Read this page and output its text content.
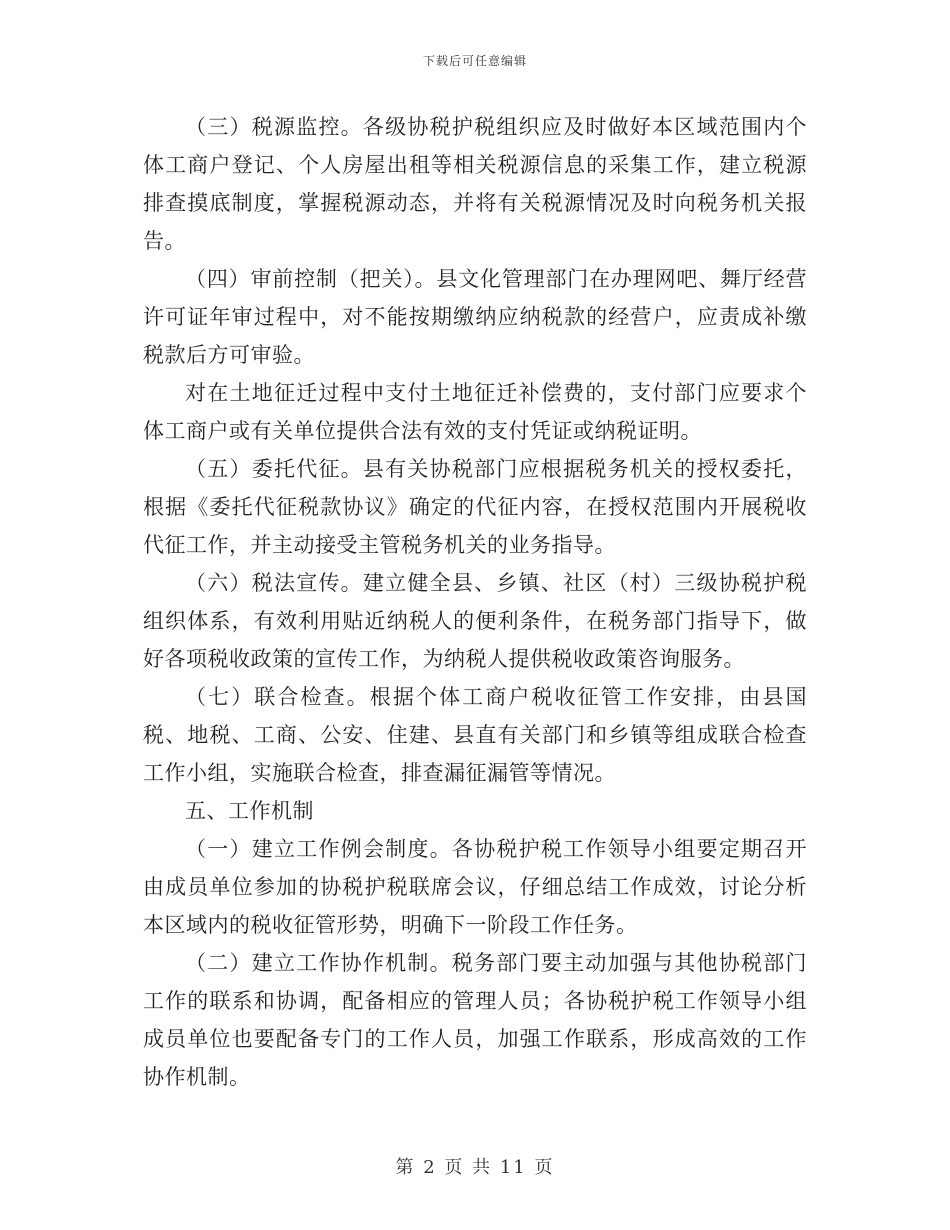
下载后可任意编辑

（三）税源监控。各级协税护税组织应及时做好本区域范围内个体工商户登记、个人房屋出租等相关税源信息的采集工作，建立税源排查摸底制度，掌握税源动态，并将有关税源情况及时向税务机关报告。

（四）审前控制（把关）。县文化管理部门在办理网吧、舞厅经营许可证年审过程中，对不能按期缴纳应纳税款的经营户，应责成补缴税款后方可审验。

对在土地征迁过程中支付土地征迁补偿费的，支付部门应要求个体工商户或有关单位提供合法有效的支付凭证或纳税证明。

（五）委托代征。县有关协税部门应根据税务机关的授权委托，根据《委托代征税款协议》确定的代征内容，在授权范围内开展税收代征工作，并主动接受主管税务机关的业务指导。

（六）税法宣传。建立健全县、乡镇、社区（村）三级协税护税组织体系，有效利用贴近纳税人的便利条件，在税务部门指导下，做好各项税收政策的宣传工作，为纳税人提供税收政策咨询服务。

（七）联合检查。根据个体工商户税收征管工作安排，由县国税、地税、工商、公安、住建、县直有关部门和乡镇等组成联合检查工作小组，实施联合检查，排查漏征漏管等情况。

五、工作机制

（一）建立工作例会制度。各协税护税工作领导小组要定期召开由成员单位参加的协税护税联席会议，仔细总结工作成效，讨论分析本区域内的税收征管形势，明确下一阶段工作任务。

（二）建立工作协作机制。税务部门要主动加强与其他协税部门工作的联系和协调，配备相应的管理人员；各协税护税工作领导小组成员单位也要配备专门的工作人员，加强工作联系，形成高效的工作协作机制。

第 2 页 共 11 页
